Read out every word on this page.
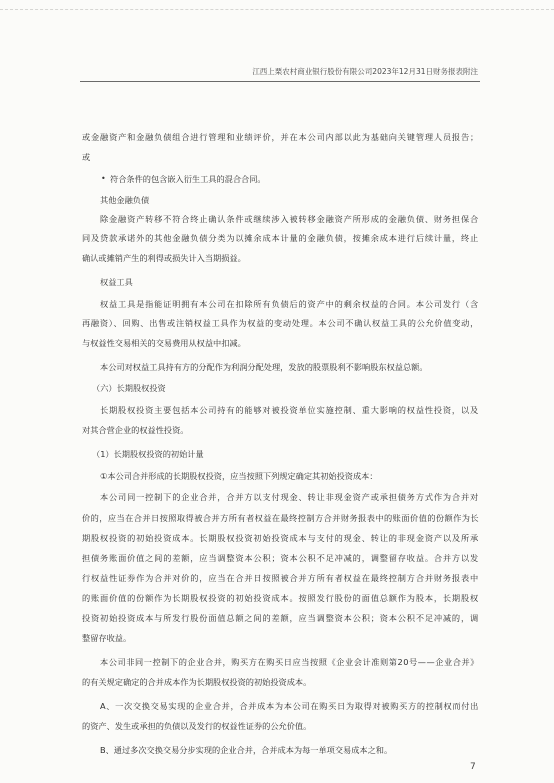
江西上栗农村商业银行股份有限公司2023年12月31日财务报表附注
或金融资产和金融负债组合进行管理和业绩评价，并在本公司内部以此为基础向关键管理人员报告；
或
• 符合条件的包含嵌入衍生工具的混合合同。
其他金融负债
除金融资产转移不符合终止确认条件或继续涉入被转移金融资产所形成的金融负债、财务担保合
同及贷款承诺外的其他金融负债分类为以摊余成本计量的金融负债，按摊余成本进行后续计量，终止
确认或摊销产生的利得或损失计入当期损益。
权益工具
权益工具是指能证明拥有本公司在扣除所有负债后的资产中的剩余权益的合同。本公司发行（含
再融资）、回购、出售或注销权益工具作为权益的变动处理。本公司不确认权益工具的公允价值变动，
与权益性交易相关的交易费用从权益中扣减。
本公司对权益工具持有方的分配作为利润分配处理，发放的股票股利不影响股东权益总额。
（六）长期股权投资
长期股权投资主要包括本公司持有的能够对被投资单位实施控制、重大影响的权益性投资，以及
对其合营企业的权益性投资。
（1）长期股权投资的初始计量
①本公司合并形成的长期股权投资，应当按照下列规定确定其初始投资成本：
本公司同一控制下的企业合并，合并方以支付现金、转让非现金资产或承担债务方式作为合并对
价的，应当在合并日按照取得被合并方所有者权益在最终控制方合并财务报表中的账面价值的份额作为长
期股权投资的初始投资成本。长期股权投资初始投资成本与支付的现金、转让的非现金资产以及所承
担债务账面价值之间的差额，应当调整资本公积；资本公积不足冲减的，调整留存收益。合并方以发
行权益性证券作为合并对价的，应当在合并日按照被合并方所有者权益在最终控制方合并财务报表中
的账面价值的份额作为长期股权投资的初始投资成本。按照发行股份的面值总额作为股本，长期股权
投资初始投资成本与所发行股份面值总额之间的差额，应当调整资本公积；资本公积不足冲减的，调
整留存收益。
本公司非同一控制下的企业合并，购买方在购买日应当按照《企业会计准则第20号——企业合并》
的有关规定确定的合并成本作为长期股权投资的初始投资成本。
A、一次交换交易实现的企业合并，合并成本为本公司在购买日为取得对被购买方的控制权而付出
的资产、发生或承担的负债以及发行的权益性证券的公允价值。
B、通过多次交换交易分步实现的企业合并，合并成本为每一单项交易成本之和。
7
